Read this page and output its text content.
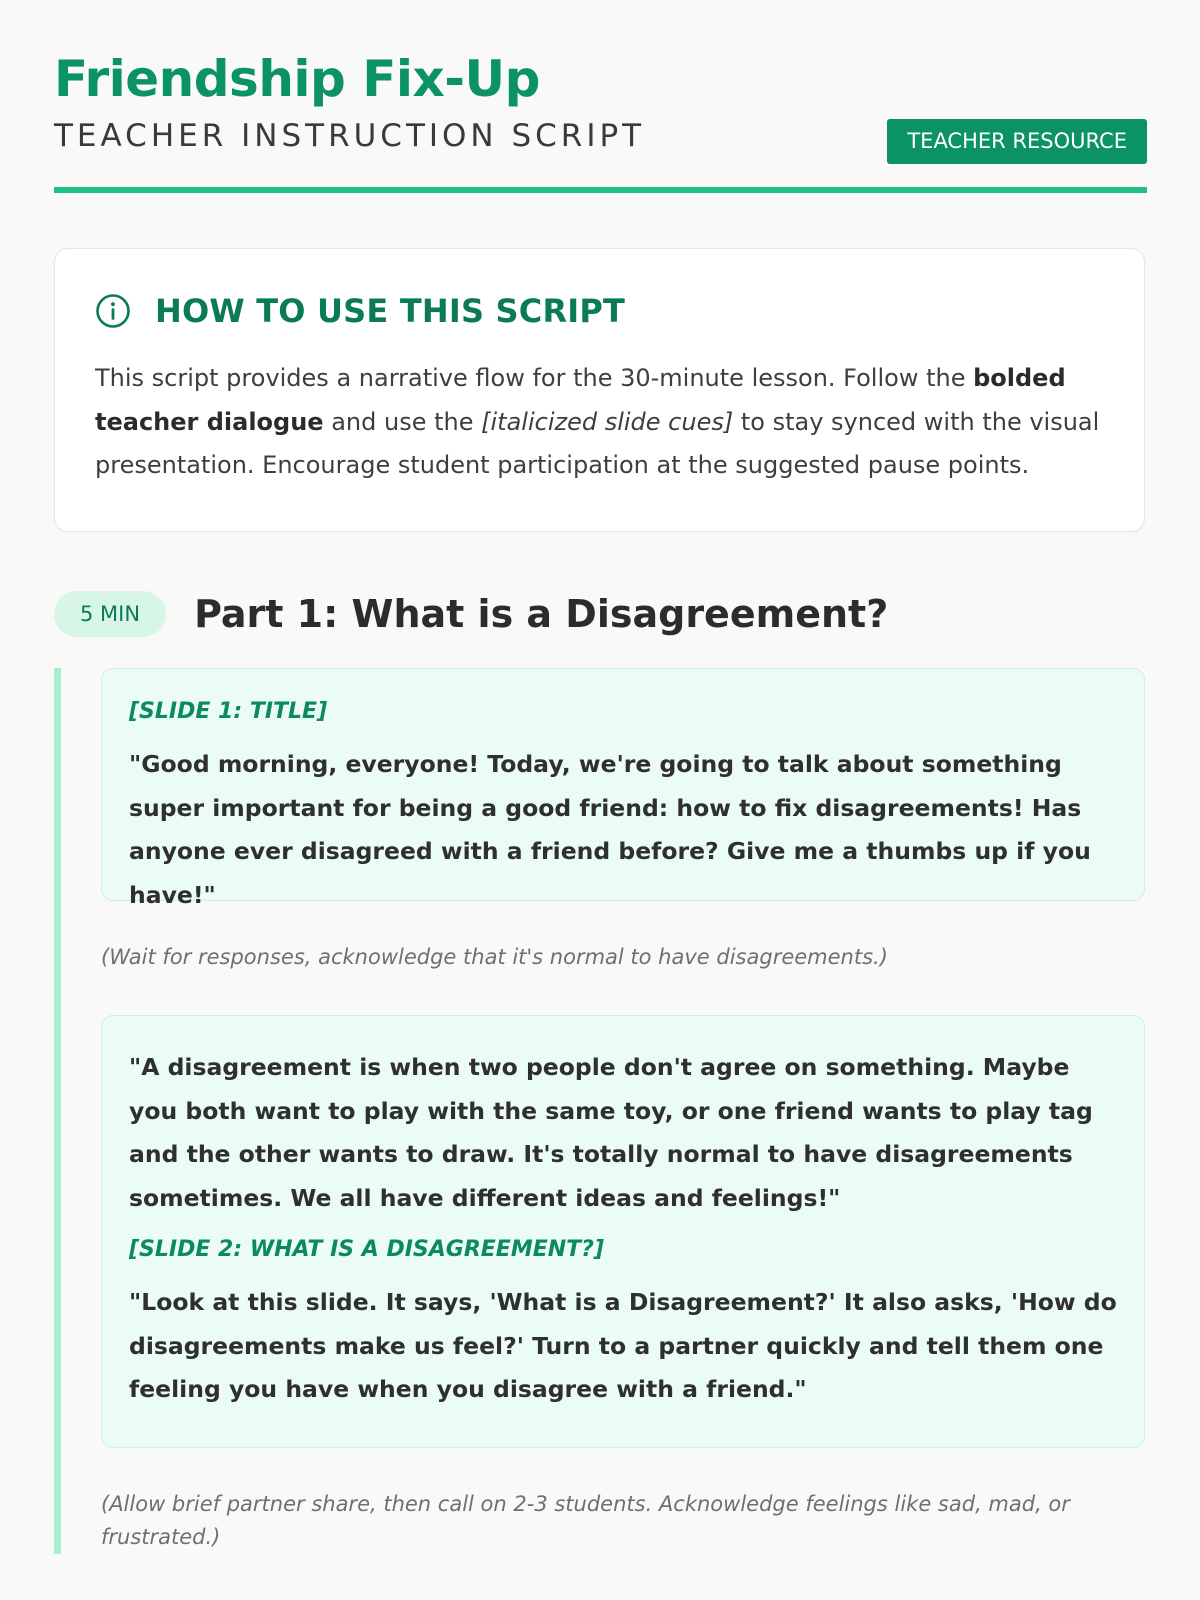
Friendship Fix-Up
TEACHER INSTRUCTION SCRIPT	TEACHER RESOURCE
HOW TO USE THIS SCRIPT
This script provides a narrative flow for the 30-minute lesson. Follow the bolded teacher dialogue and use the [italicized slide cues] to stay synced with the visual presentation. Encourage student participation at the suggested pause points.
5 MIN	Part 1: What is a Disagreement?
[SLIDE 1: TITLE]

"Good morning, everyone! Today, we're going to talk about something super important for being a good friend: how to fix disagreements! Has anyone ever disagreed with a friend before? Give me a thumbs up if you have!"

(Wait for responses, acknowledge that it's normal to have disagreements.)

"A disagreement is when two people don't agree on something. Maybe you both want to play with the same toy, or one friend wants to play tag and the other wants to draw. It's totally normal to have disagreements sometimes. We all have different ideas and feelings!"

[SLIDE 2: WHAT IS A DISAGREEMENT?]

"Look at this slide. It says, 'What is a Disagreement?' It also asks, 'How do disagreements make us feel?' Turn to a partner quickly and tell them one feeling you have when you disagree with a friend."

(Allow brief partner share, then call on 2-3 students. Acknowledge feelings like sad, mad, or frustrated.)
